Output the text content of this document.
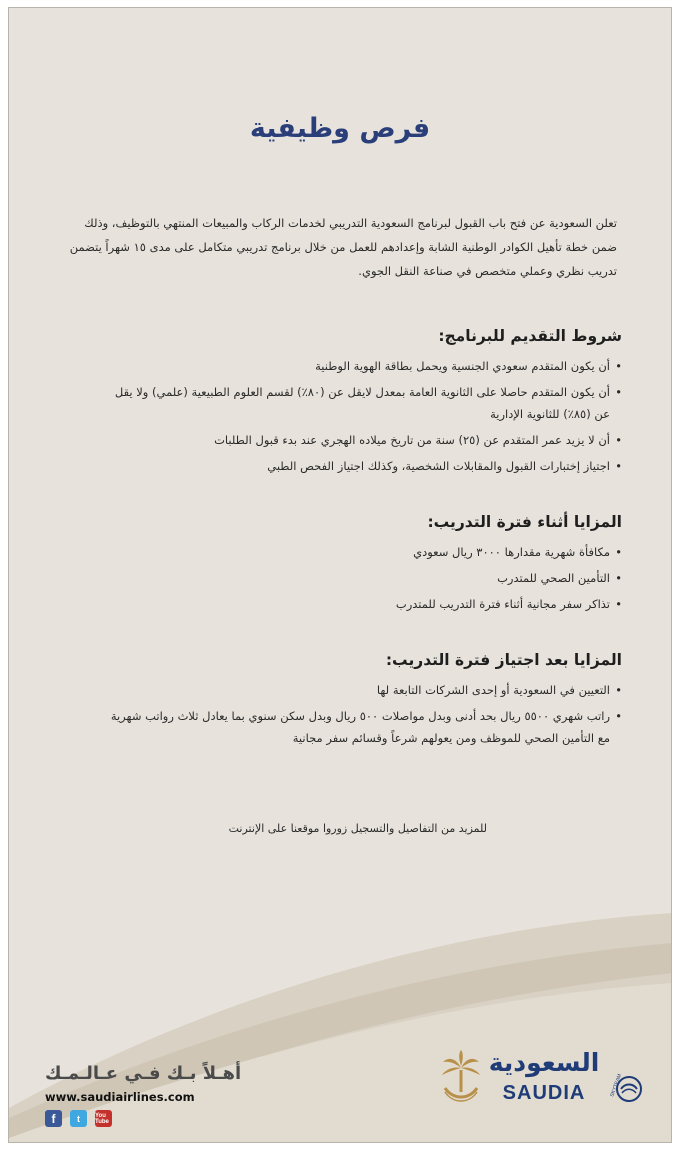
فرص وظيفية
تعلن السعودية عن فتح باب القبول لبرنامج السعودية التدريبي لخدمات الركاب والمبيعات المنتهي بالتوظيف، وذلك ضمن خطة تأهيل الكوادر الوطنية الشابة وإعدادهم للعمل من خلال برنامج تدريبي متكامل على مدى ١٥ شهراً يتضمن تدريب نظري وعملي متخصص في صناعة النقل الجوي.
شروط التقديم للبرنامج:
• أن يكون المتقدم سعودي الجنسية ويحمل بطاقة الهوية الوطنية
• أن يكون المتقدم حاصلا على الثانوية العامة بمعدل لايقل عن (٨٠٪) لقسم العلوم الطبيعية (علمي) ولا يقل عن (٨٥٪) للثانوية الإدارية
• أن لا يزيد عمر المتقدم عن (٢٥) سنة من تاريخ ميلاده الهجري عند بدء قبول الطلبات
• اجتياز إختبارات القبول والمقابلات الشخصية، وكذلك اجتياز الفحص الطبي
المزايا أثناء فترة التدريب:
• مكافأة شهرية مقدارها ٣٠٠٠ ريال سعودي
• التأمين الصحي للمتدرب
• تذاكر سفر مجانية أثناء فترة التدريب للمتدرب
المزايا بعد اجتياز فترة التدريب:
• التعيين في السعودية أو إحدى الشركات التابعة لها
• راتب شهري ٥٥٠٠ ريال بحد أدنى وبدل مواصلات ٥٠٠ ريال وبدل سكن سنوي بما يعادل ثلاث رواتب شهرية مع التأمين الصحي للموظف ومن يعولهم شرعاً وقسائم سفر مجانية
للمزيد من التفاصيل والتسجيل زوروا موقعنا على الإنترنت
أهـلاً بـك فـي عـالـمـك
www.saudiairlines.com
f	t	You Tube
السعودية
SAUDIA	SKYTEAM
